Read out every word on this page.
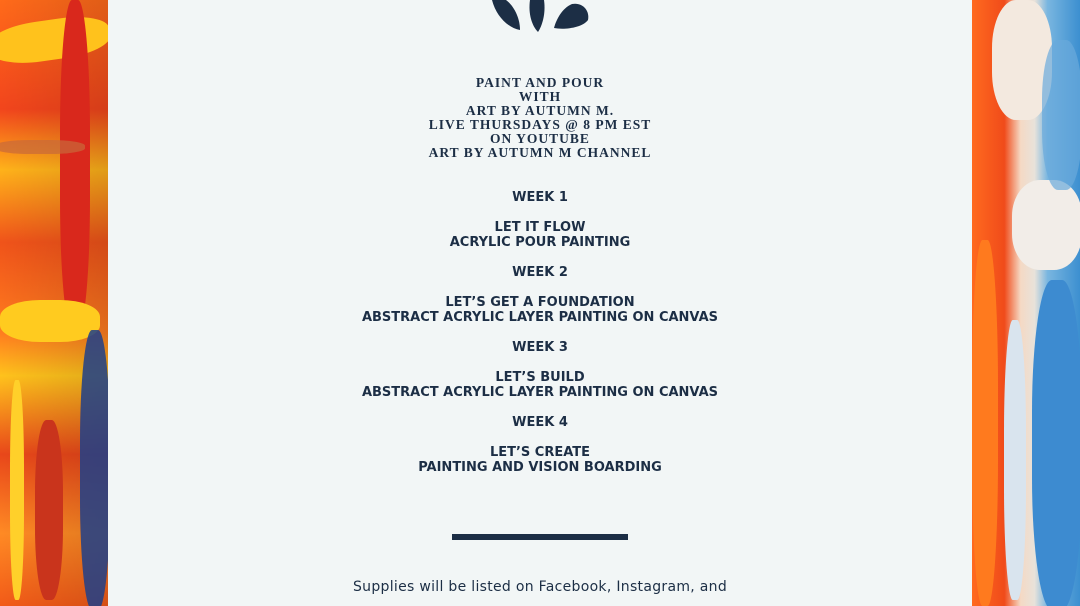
PAINT AND POUR
WITH
ART BY AUTUMN M.
LIVE THURSDAYS @ 8 PM EST
ON YOUTUBE
ART BY AUTUMN M CHANNEL
WEEK 1
LET IT FLOW
ACRYLIC POUR PAINTING
WEEK 2
LET’S GET A FOUNDATION
ABSTRACT ACRYLIC LAYER PAINTING ON CANVAS
WEEK 3
LET’S BUILD
ABSTRACT ACRYLIC LAYER PAINTING ON CANVAS
WEEK 4
LET’S CREATE
PAINTING AND VISION BOARDING
Supplies will be listed on Facebook, Instagram, and
